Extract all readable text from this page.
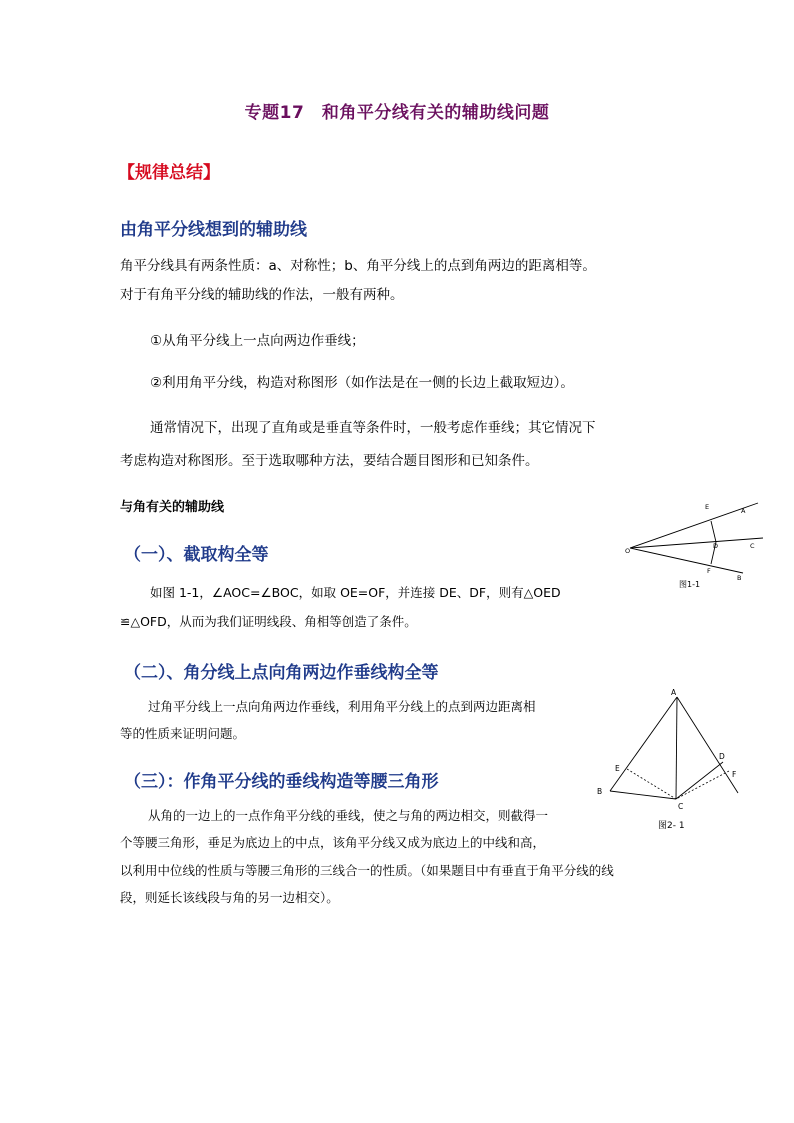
专题17　和角平分线有关的辅助线问题
【规律总结】
由角平分线想到的辅助线
角平分线具有两条性质：a、对称性；b、角平分线上的点到角两边的距离相等。
对于有角平分线的辅助线的作法，一般有两种。
①从角平分线上一点向两边作垂线；
②利用角平分线，构造对称图形（如作法是在一侧的长边上截取短边）。
通常情况下，出现了直角或是垂直等条件时，一般考虑作垂线；其它情况下
考虑构造对称图形。至于选取哪种方法，要结合题目图形和已知条件。
与角有关的辅助线
（一）、截取构全等
如图 1-1，∠AOC=∠BOC，如取 OE=OF，并连接 DE、DF，则有△OED
≌△OFD，从而为我们证明线段、角相等创造了条件。
（二）、角分线上点向角两边作垂线构全等
过角平分线上一点向角两边作垂线，利用角平分线上的点到两边距离相
等的性质来证明问题。
（三）：作角平分线的垂线构造等腰三角形
从角的一边上的一点作角平分线的垂线，使之与角的两边相交，则截得一
个等腰三角形，垂足为底边上的中点，该角平分线又成为底边上的中线和高，
以利用中位线的性质与等腰三角形的三线合一的性质。（如果题目中有垂直于角平分线的线
段，则延长该线段与角的另一边相交）。
O
E	A
D	C
F
B
图1-1
A
B
C
D
E
F
图2- 1
